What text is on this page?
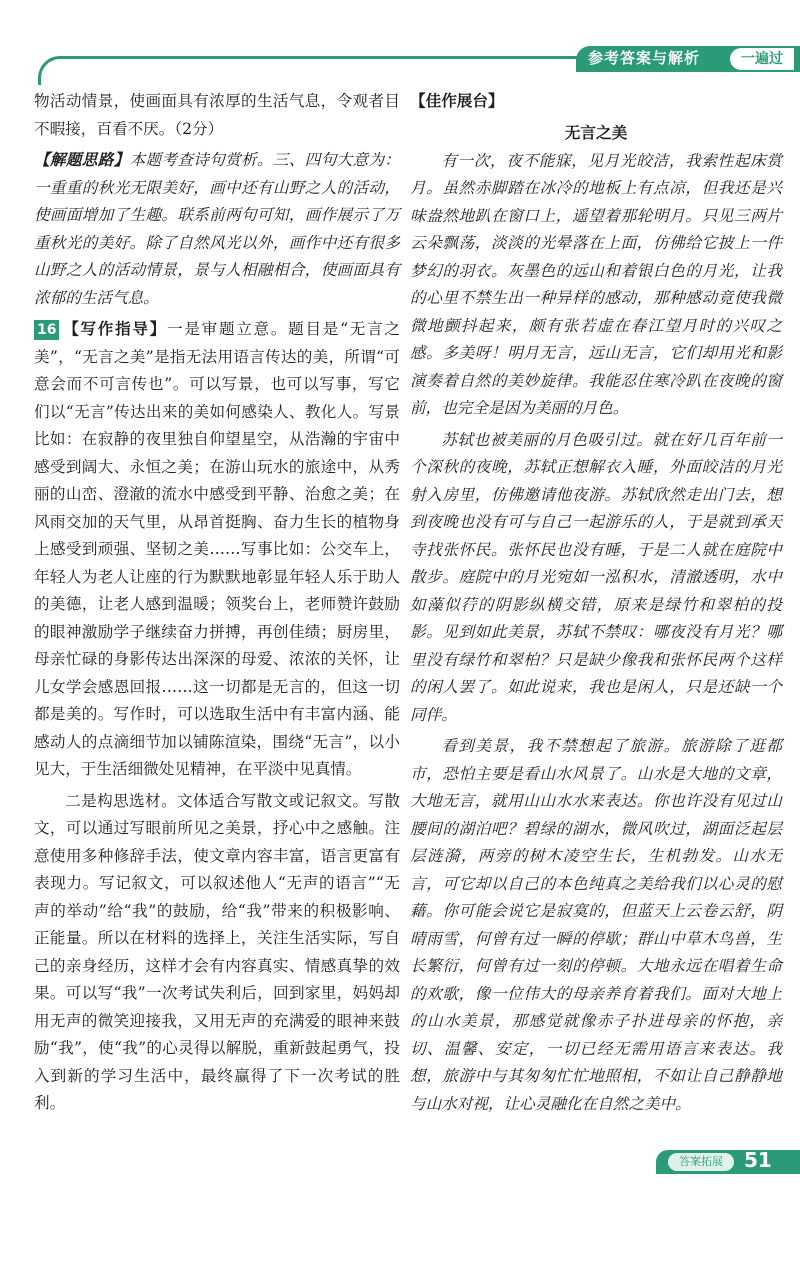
参考答案与解析	一遍过

物活动情景，使画面具有浓厚的生活气息，令观者目不暇接，百看不厌。（2分）

【解题思路】本题考查诗句赏析。三、四句大意为：一重重的秋光无限美好，画中还有山野之人的活动，使画面增加了生趣。联系前两句可知，画作展示了万重秋光的美好。除了自然风光以外，画作中还有很多山野之人的活动情景，景与人相融相合，使画面具有浓郁的生活气息。

16 【写作指导】一是审题立意。题目是“无言之美”，“无言之美”是指无法用语言传达的美，所谓“可意会而不可言传也”。可以写景，也可以写事，写它们以“无言”传达出来的美如何感染人、教化人。写景比如：在寂静的夜里独自仰望星空，从浩瀚的宇宙中感受到阔大、永恒之美；在游山玩水的旅途中，从秀丽的山峦、澄澈的流水中感受到平静、治愈之美；在风雨交加的天气里，从昂首挺胸、奋力生长的植物身上感受到顽强、坚韧之美……写事比如：公交车上，年轻人为老人让座的行为默默地彰显年轻人乐于助人的美德，让老人感到温暖；领奖台上，老师赞许鼓励的眼神激励学子继续奋力拼搏，再创佳绩；厨房里，母亲忙碌的身影传达出深深的母爱、浓浓的关怀，让儿女学会感恩回报……这一切都是无言的，但这一切都是美的。写作时，可以选取生活中有丰富内涵、能感动人的点滴细节加以铺陈渲染，围绕“无言”，以小见大，于生活细微处见精神，在平淡中见真情。

二是构思选材。文体适合写散文或记叙文。写散文，可以通过写眼前所见之美景，抒心中之感触。注意使用多种修辞手法，使文章内容丰富，语言更富有表现力。写记叙文，可以叙述他人“无声的语言”“无声的举动”给“我”的鼓励，给“我”带来的积极影响、正能量。所以在材料的选择上，关注生活实际，写自己的亲身经历，这样才会有内容真实、情感真挚的效果。可以写“我”一次考试失利后，回到家里，妈妈却用无声的微笑迎接我，又用无声的充满爱的眼神来鼓励“我”，使“我”的心灵得以解脱，重新鼓起勇气，投入到新的学习生活中，最终赢得了下一次考试的胜利。

【佳作展台】

无言之美

有一次，夜不能寐，见月光皎洁，我索性起床赏月。虽然赤脚踏在冰冷的地板上有点凉，但我还是兴味盎然地趴在窗口上，遥望着那轮明月。只见三两片云朵飘荡，淡淡的光晕落在上面，仿佛给它披上一件梦幻的羽衣。灰墨色的远山和着银白色的月光，让我的心里不禁生出一种异样的感动，那种感动竟使我微微地颤抖起来，颇有张若虚在春江望月时的兴叹之感。多美呀！明月无言，远山无言，它们却用光和影演奏着自然的美妙旋律。我能忍住寒冷趴在夜晚的窗前，也完全是因为美丽的月色。

苏轼也被美丽的月色吸引过。就在好几百年前一个深秋的夜晚，苏轼正想解衣入睡，外面皎洁的月光射入房里，仿佛邀请他夜游。苏轼欣然走出门去，想到夜晚也没有可与自己一起游乐的人，于是就到承天寺找张怀民。张怀民也没有睡，于是二人就在庭院中散步。庭院中的月光宛如一泓积水，清澈透明，水中如藻似荇的阴影纵横交错，原来是绿竹和翠柏的投影。见到如此美景，苏轼不禁叹：哪夜没有月光？哪里没有绿竹和翠柏？只是缺少像我和张怀民两个这样的闲人罢了。如此说来，我也是闲人，只是还缺一个同伴。

看到美景，我不禁想起了旅游。旅游除了逛都市，恐怕主要是看山水风景了。山水是大地的文章，大地无言，就用山山水水来表达。你也许没有见过山腰间的湖泊吧？碧绿的湖水，微风吹过，湖面泛起层层涟漪，两旁的树木凌空生长，生机勃发。山水无言，可它却以自己的本色纯真之美给我们以心灵的慰藉。你可能会说它是寂寞的，但蓝天上云卷云舒，阴晴雨雪，何曾有过一瞬的停歇；群山中草木鸟兽，生长繁衍，何曾有过一刻的停顿。大地永远在唱着生命的欢歌，像一位伟大的母亲养育着我们。面对大地上的山水美景，那感觉就像赤子扑进母亲的怀抱，亲切、温馨、安定，一切已经无需用语言来表达。我想，旅游中与其匆匆忙忙地照相，不如让自己静静地与山水对视，让心灵融化在自然之美中。

答案拓展	51
